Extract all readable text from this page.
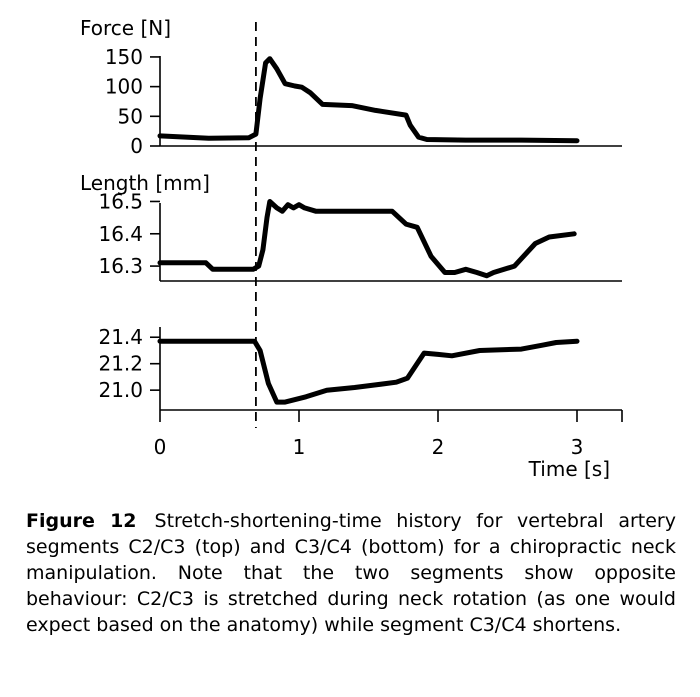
0
50
100
150
Force [N]
16.3
16.4
16.5
Length [mm]
21.0
21.2
21.4
0	1	2	3
Time [s]

Figure 12 Stretch-shortening-time history for vertebral artery segments C2/C3 (top) and C3/C4 (bottom) for a chiropractic neck manipulation. Note that the two segments show opposite behaviour: C2/C3 is stretched during neck rotation (as one would expect based on the anatomy) while segment C3/C4 shortens.
